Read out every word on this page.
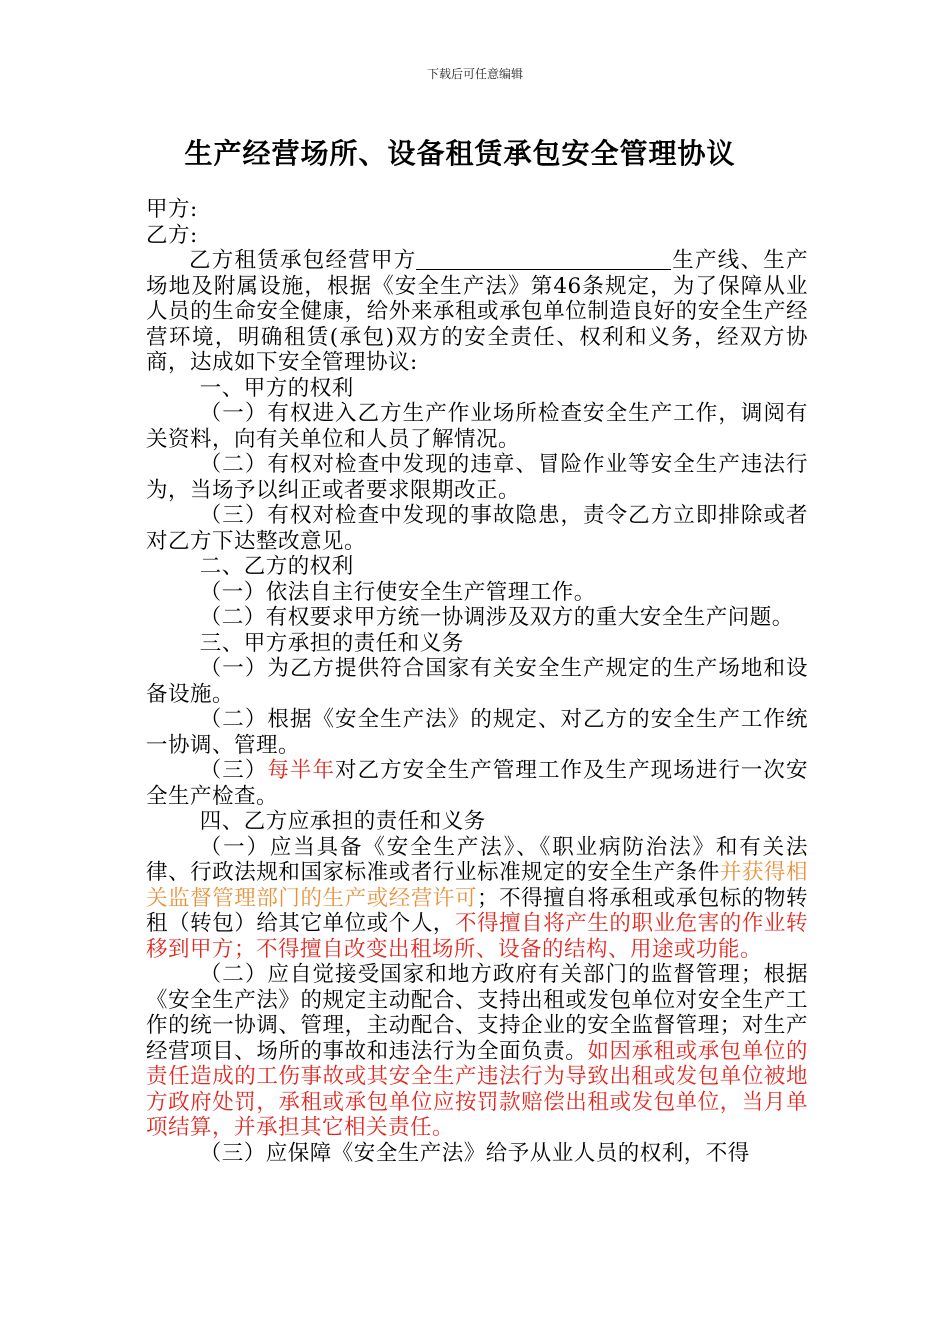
下载后可任意编辑
生产经营场所、设备租赁承包安全管理协议

甲方:

乙方:

乙方租赁承包经营甲方	生产线、生产场地及附属设施，根据《安全生产法》第46条规定，为了保障从业人员的生命安全健康，给外来承租或承包单位制造良好的安全生产经营环境，明确租赁(承包)双方的安全责任、权利和义务，经双方协商，达成如下安全管理协议:

一、甲方的权利

（一）有权进入乙方生产作业场所检查安全生产工作，调阅有关资料，向有关单位和人员了解情况。

（二）有权对检查中发现的违章、冒险作业等安全生产违法行为，当场予以纠正或者要求限期改正。

（三）有权对检查中发现的事故隐患，责令乙方立即排除或者对乙方下达整改意见。

二、乙方的权利

（一）依法自主行使安全生产管理工作。

（二）有权要求甲方统一协调涉及双方的重大安全生产问题。

三、甲方承担的责任和义务

（一）为乙方提供符合国家有关安全生产规定的生产场地和设备设施。

（二）根据《安全生产法》的规定、对乙方的安全生产工作统一协调、管理。

（三）每半年对乙方安全生产管理工作及生产现场进行一次安全生产检查。

四、乙方应承担的责任和义务

（一）应当具备《安全生产法》、《职业病防治法》和有关法律、行政法规和国家标准或者行业标准规定的安全生产条件并获得相关监督管理部门的生产或经营许可；不得擅自将承租或承包标的物转租（转包）给其它单位或个人，不得擅自将产生的职业危害的作业转移到甲方；不得擅自改变出租场所、设备的结构、用途或功能。

（二）应自觉接受国家和地方政府有关部门的监督管理；根据《安全生产法》的规定主动配合、支持出租或发包单位对安全生产工作的统一协调、管理，主动配合、支持企业的安全监督管理；对生产经营项目、场所的事故和违法行为全面负责。如因承租或承包单位的责任造成的工伤事故或其安全生产违法行为导致出租或发包单位被地方政府处罚，承租或承包单位应按罚款赔偿出租或发包单位，当月单项结算，并承担其它相关责任。

（三）应保障《安全生产法》给予从业人员的权利，不得
